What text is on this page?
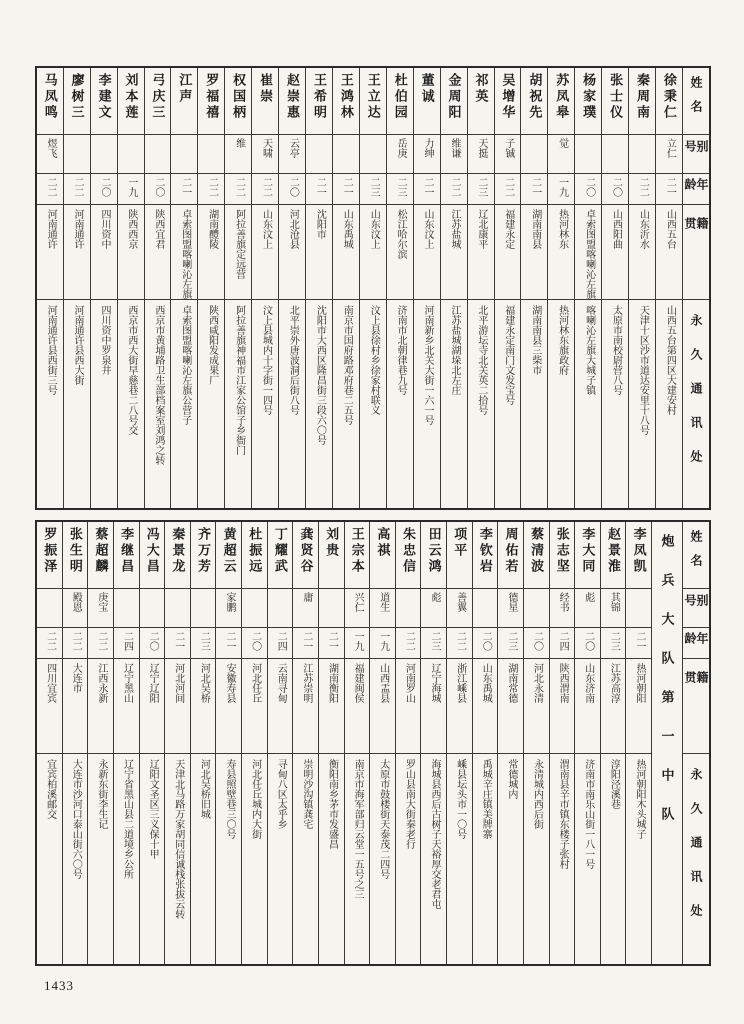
姓名
别号
年龄
籍贯
永久通讯处
徐秉仁
立仁
二一
山西五台
山西五台第四区大建安村
秦周南
二二
山东沂水
天津十区沙市道达安里十八号
张士仪
二〇
山西阳曲
太原市南校尉营八号
杨家璞
二〇
卓索图盟喀喇沁左旗
喀喇沁左旗大城子镇
苏凤皋
觉
一九
热河林东
热河林东旗政府
胡祝先
二一
湖南南县
湖南南县三柴市
吴增华
子铖
二二
福建永定
福建永定南门文发宝号
祁英
天挺
二三
辽北康平
北平游坛寺北关英二拾号
金周阳
维谦
二二
江苏盐城
江苏盐城湖垛北左庄
董诚
力绅
二一
山东汶上
河南新乡北关大街一六一号
杜伯园
岳庚
二三
松江哈尔滨
济南市北朝律巷九号
王立达
二三
山东汶上
汶上县徐村乡徐家村联义
王鸿林
二一
山东禹城
南京市国府路邓府巷二五号
王希明
二一
沈阳市
沈阳市大西区隆昌街三段六〇号
赵崇惠
云亭
二〇
河北沧县
北平崇外唐波洞后街八号
崔崇
天啸
二二
山东汶上
汶上县城内十字街一四号
权国柄
维
二二
阿拉善旗定远营
阿拉善旗神福市江家公馆子乡衙门
罗福禧
二二
湖南醴陵
陕西咸阳发成果厂
江声
二一
卓索图盟喀喇沁左旗
卓索图盟喀喇沁左旗公营子
弓庆三
二〇
陕西宜君
西京市黄埔路卫生部档案室刘鸿之转
刘本莲
一九
陕西西京
西京市西大街早慈巷二八号交
李建文
二〇
四川资中
四川资中罗泉井
廖树三
二二
河南通许
河南通许县西大街
马凤鸣
煜飞
二二
河南通许
河南通许县西街三号
姓名
别号
年龄
籍贯
永久通讯处
炮兵大队第一中队
李凤凯
二一
热河朝阳
热河朝阳木头城子
赵景淮
其锦
二三
江苏高淳
淳阳泾溪巷
李大同
彪
二〇
山东济南
济南市南乐山街一八一号
张志坚
经书
二四
陕西渭南
渭南县辛市镇东楼子张村
蔡清波
二〇
河北永清
永清城内西后街
周佑若
德星
二三
湖南常德
常德城内
李钦岩
二〇
山东禹城
禹城辛庄镇美牌寨
项平
善翼
二二
浙江嵊县
嵊县坛头市一〇号
田云鸿
彪
二三
辽宁海城
海城县西后古树子天裕厚交老君屯
朱忠信
二二
河南罗山
罗山县南大街秦老行
高祺
道生
一九
山西盂县
太原市鼓楼街天泰茂二四号
王宗本
兴仁
一九
福建闽侯
南京市海军部归云堂一五号之三
刘贵
二一
湖南衡阳
衡阳南乡茅市发盛昌
龚贤谷
庸
二一
江苏崇明
崇明沙沟镇龚宅
丁耀武
二四
云南寻甸
寻甸八区太乎乡
杜振远
二〇
河北任丘
河北任丘城内大街
黄超云
家鹏
二一
安徽寿县
寿县照壁巷三〇号
齐万芳
二三
河北吴桥
河北吴桥旧城
秦景龙
二一
河北河间
天津北马路万家胡同信诚栈张拔云转
冯大昌
二〇
辽宁辽阳
辽阳文圣区三义保十甲
李继昌
二四
辽宁黑山
辽宁省黑山县二道境乡公所
蔡超麟
庚宝
二二
江西永新
永新东街李生记
张生明
殿恩
二二
大连市
大连市沙河口泰山街六〇号
罗振泽
二二
四川宜宾
宜宾柏溪邮交
1433
